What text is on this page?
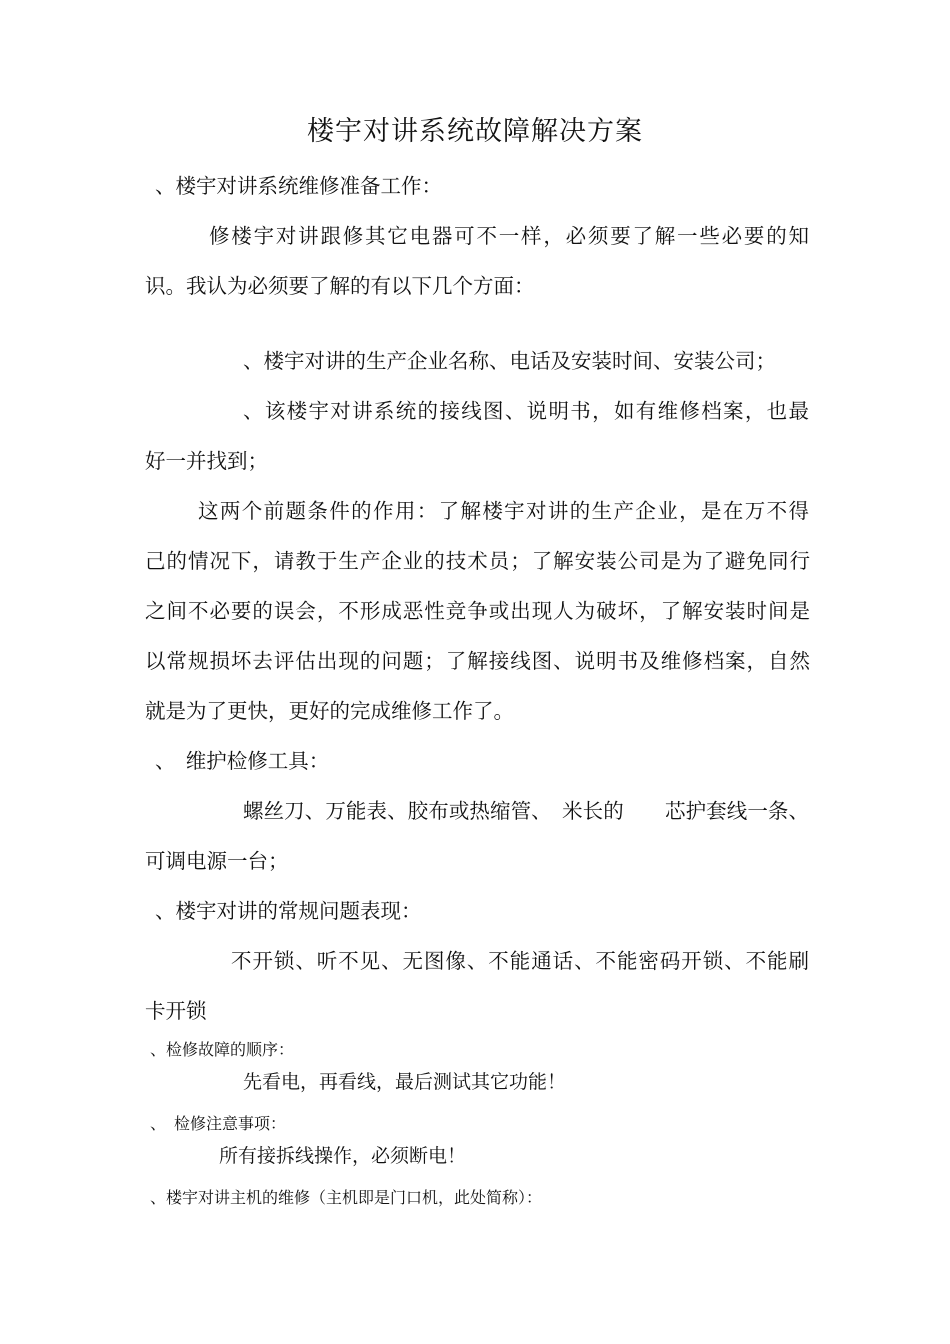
楼宇对讲系统故障解决方案
、楼宇对讲系统维修准备工作：
修楼宇对讲跟修其它电器可不一样，必须要了解一些必要的知
识。我认为必须要了解的有以下几个方面：
、楼宇对讲的生产企业名称、电话及安装时间、安装公司；
、该楼宇对讲系统的接线图、说明书，如有维修档案，也最
好一并找到；
这两个前题条件的作用：了解楼宇对讲的生产企业，是在万不得
己的情况下，请教于生产企业的技术员；了解安装公司是为了避免同行
之间不必要的误会，不形成恶性竞争或出现人为破坏，了解安装时间是
以常规损坏去评估出现的问题；了解接线图、说明书及维修档案，自然
就是为了更快，更好的完成维修工作了。
、　维护检修工具：
螺丝刀、万能表、胶布或热缩管、　米长的　　芯护套线一条、
可调电源一台；
、楼宇对讲的常规问题表现：
不开锁、听不见、无图像、不能通话、不能密码开锁、不能刷
卡开锁
、检修故障的顺序：
先看电，再看线，最后测试其它功能！
、　检修注意事项：
所有接拆线操作，必须断电！
、楼宇对讲主机的维修（主机即是门口机，此处简称）：
